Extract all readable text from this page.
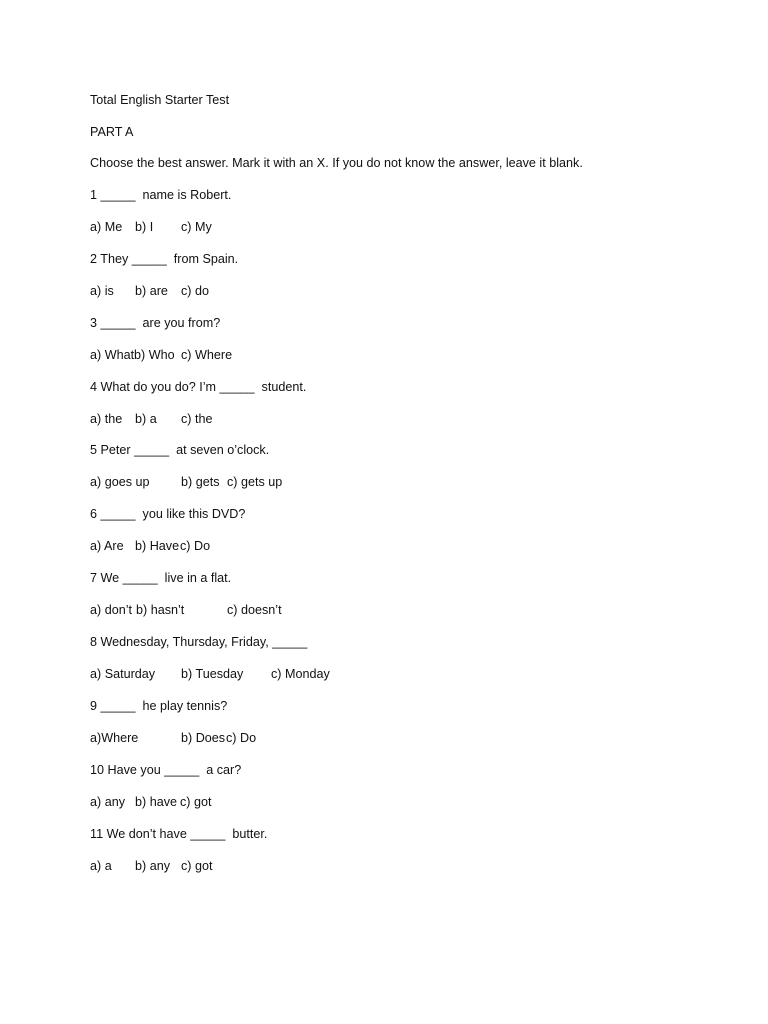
Total English Starter Test
PART A
Choose the best answer. Mark it with an X. If you do not know the answer, leave it blank.
1 _____  name is Robert.
a) Me b) I c) My
2 They _____  from Spain.
a) is b) are c) do
3 _____  are you from?
a) What b) Who c) Where
4 What do you do? I’m _____  student.
a) the b) a c) the
5 Peter _____  at seven o’clock.
a) goes up b) gets c) gets up
6 _____  you like this DVD?
a) Are b) Have c) Do
7 We _____  live in a flat.
a) don’t b) hasn’t	c) doesn’t
8 Wednesday, Thursday, Friday, _____
a) Saturday b) Tuesday c) Monday
9 _____  he play tennis?
a)Where	b) Does c) Do
10 Have you _____  a car?
a) any b) have c) got
11 We don’t have _____  butter.
a) a b) any c) got
